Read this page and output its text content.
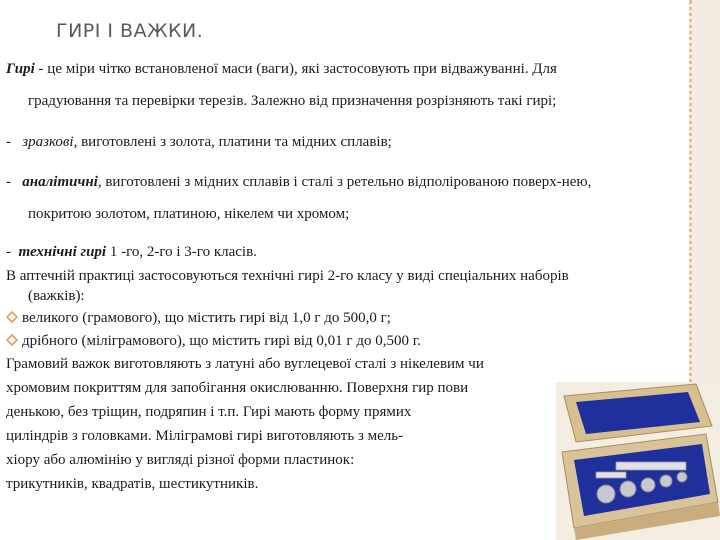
ГИРІ І ВАЖКИ.
Гирі - це міри чітко встановленої маси (ваги), які застосовують при відважуванні. Для
градуювання та перевірки терезів. Залежно від призначення розрізняють такі гирі;
- зразкові, виготовлені з золота, платини та мідних сплавів;
- аналітичні, виготовлені з мідних сплавів і сталі з ретельно відполірованою поверх-нею,
покритою золотом, платиною, нікелем чи хромом;
- технічні гирі 1 -го, 2-го і 3-го класів.
В аптечній практиці застосовуються технічні гирі 2-го класу у виді спеціальних наборів
(важків):
великого (грамового), що містить гирі від 1,0 г до 500,0 г;
дрібного (міліграмового), що містить гирі від 0,01 г до 0,500 г.
Грамовий важок виготовляють з латуні або вуглецевої сталі з нікелевим чи
хромовим покриттям для запобігання окислюванню. Поверхня гир пови
денькою, без тріщин, подряпин і т.п. Гирі мають форму прямих
циліндрів з головками. Міліграмові гирі виготовляють з мель-
хіору або алюмінію у вигляді різної форми пластинок:
трикутників, квадратів, шестикутників.
